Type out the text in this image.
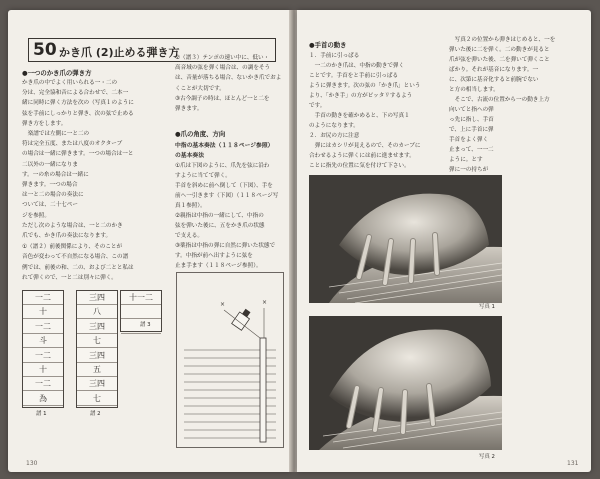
50 かき爪 (2)止める弾き方
●一つのかき爪の弾き方
かき爪の中でよく用いられる一・二の
分は、完全協和音による合わせで、二本一
緒に同時に弾く方法を次の（写真１のように
弦を手前にしっかりと弾き、次の弦で止める
弾き方をします。
　楽譜では左側に一と二の
符は完全五度、または八度のオクターブ
の場合は一緒に弾きます。一つの場合は一と
二以外の一緒になりま
す。一の糸の場合は一緒に
弾きます。一つの場合
は一と二の場合の奏法に
ついては、二十七ペー
ジを参照。
ただし次のような場合は、一と二のかき
爪でも、かき爪の奏法になります。
①（譜２）前後関係により、そのことが
音色が変わって不自然になる場合、この譜
例では、前後の和、二の、および二とと私は
れて弾くので、一と二は別々に弾く。
一二
十
一二
斗
一二
十
一二
為
譜 1
三四
八
三四
七
三四
五
三四
七
譜 2
十一二
譜 3
②（譜３）テンポの速い中に、低い・
高音域の弦を弾く場合は、の調をそう
は、音量が落ちる場合、ないかき爪でおよ
くことが大切です。
③古今調子の時は、ほとんど一と二を
弾きます。
●爪の角度、方向
中指の基本奏法（１１８ページ参照）
の基本奏法
①爪は下図のように、爪先を弦に沿わ
すように当てて弾く。
手首を斜めに前へ倒して（下図）、手を
前へ一引きます（下図）（１１８ページ写
真１参照）。
②親指は中指の一緒にして、中指の
弦を弾いた後に、五をかき爪の状態
で支える。
③薬指は中指の弾に自然に弾いた状態で
す。中指が前へ出すように弦を
止ま手ます（１１８ページ参照）。
×	×
130
●手首の動き
１．手前に引っぱる
　一二のかき爪は、中指の動きで弾く
ことです。手首をと手前に引っぱる
ように弾きます。次の弦の「かき爪」という
より、「かき手」の方がピッタリするよう
です。
　手首の動きを確かめると、下の写真１
のようになります。
２．お尻の方に注意
　弾にはカシリが見えるので、そのカーブに
合わせるように弾くには前に進ませます。
ことに指先の位置に気を付けて下さい。
　写真２の位置から弾きはじめると、一を
弾いた後に二を弾く。二の動きが見ると
爪が弦を弾いた後、二を弾いて弾くこと
ばかり。それが基音になります。一
に、次第に基音化すると前腕でない
と方の相当します。
　そこで、古流の位置から一の動き上方
向いてと指への弾
っ先に指し、手首
で、上に手首に弾
手首をよく弾く
止まって、一一二
ように。とす
弾に一の持ちが
写真 1
写真 2
131
